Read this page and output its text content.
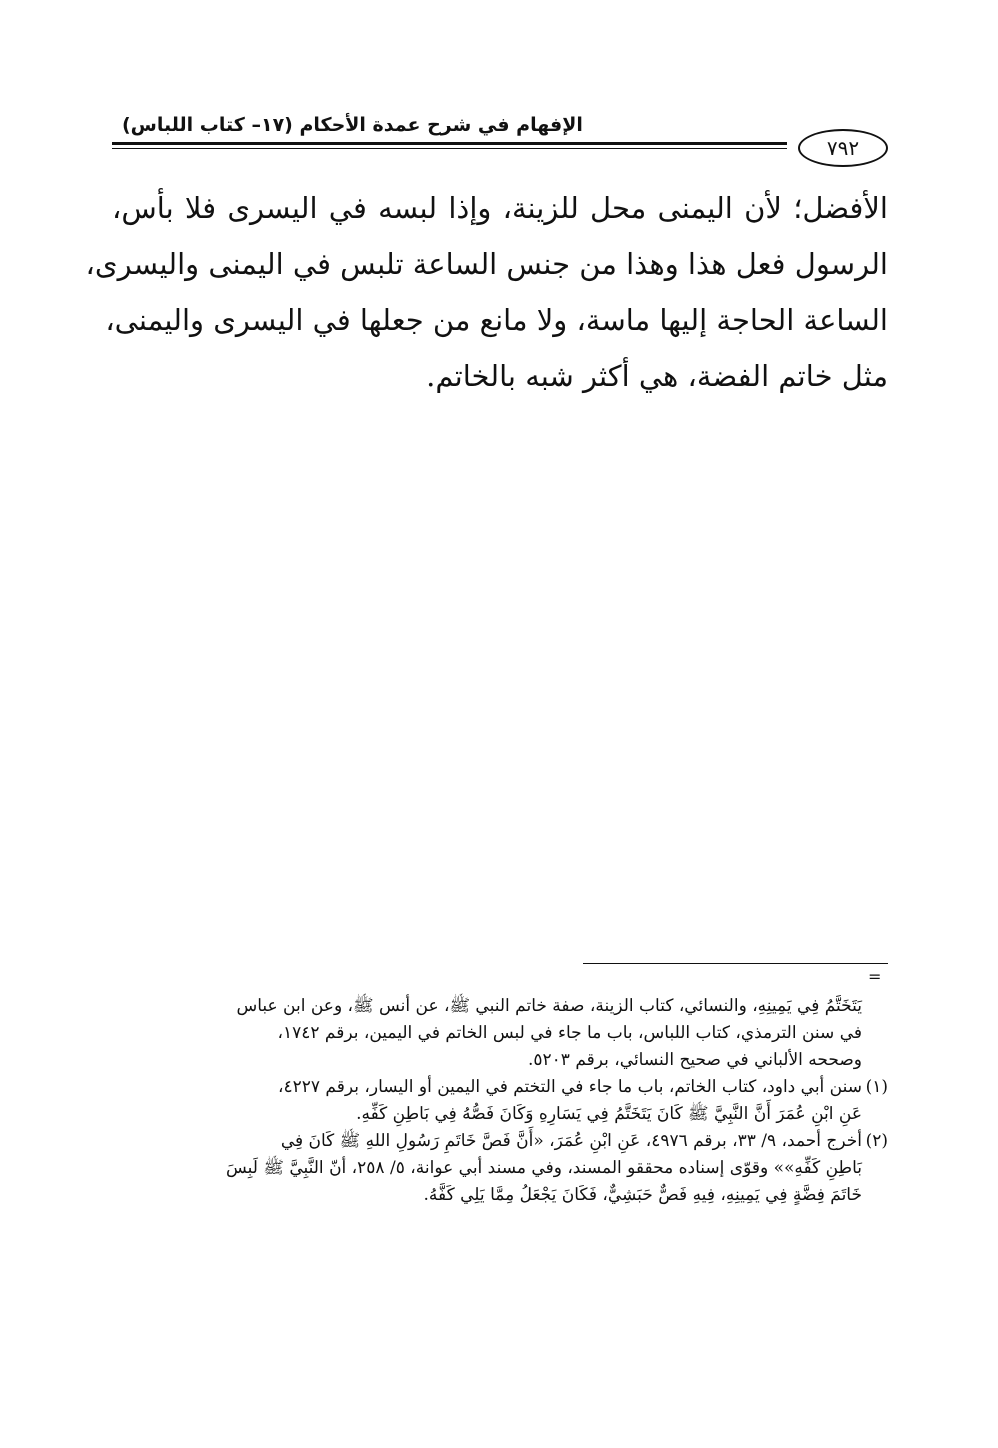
الإفهام في شرح عمدة الأحكام (١٧– كتاب اللباس)
٧٩٢
الأفضل؛ لأن اليمنى محل للزينة، وإذا لبسه في اليسرى فلا بأس،
الرسول فعل هذا وهذا من جنس الساعة تلبس في اليمنى واليسرى،
الساعة الحاجة إليها ماسة، ولا مانع من جعلها في اليسرى واليمنى،
مثل خاتم الفضة، هي أكثر شبه بالخاتم.
=
يَتَخَتَّمُ فِي يَمِينِهِ، والنسائي، كتاب الزينة، صفة خاتم النبي ﷺ، عن أنس ﷺ، وعن ابن عباس
في سنن الترمذي، كتاب اللباس، باب ما جاء في لبس الخاتم في اليمين، برقم ١٧٤٢،
وصححه الألباني في صحيح النسائي، برقم ٥٢٠٣.
(١)سنن أبي داود، كتاب الخاتم، باب ما جاء في التختم في اليمين أو اليسار، برقم ٤٢٢٧،
عَنِ ابْنِ عُمَرَ أَنَّ النَّبِيَّ ﷺ كَانَ يَتَخَتَّمُ فِي يَسَارِهِ وَكَانَ فَصُّهُ فِي بَاطِنِ كَفِّهِ.
(٢)أخرج أحمد، ٩/ ٣٣، برقم ٤٩٧٦، عَنِ ابْنِ عُمَرَ، «أَنَّ فَصَّ خَاتَمِ رَسُولِ اللهِ ﷺ كَانَ فِي
بَاطِنِ كَفِّهِ»» وقوّى إسناده محققو المسند، وفي مسند أبي عوانة، ٥/ ٢٥٨، أنّ النَّبِيَّ ﷺ لَبِسَ
خَاتَمَ فِضَّةٍ فِي يَمِينِهِ، فِيهِ فَصٌّ حَبَشِيٌّ، فَكَانَ يَجْعَلُ مِمَّا يَلِي كَفَّهُ.
